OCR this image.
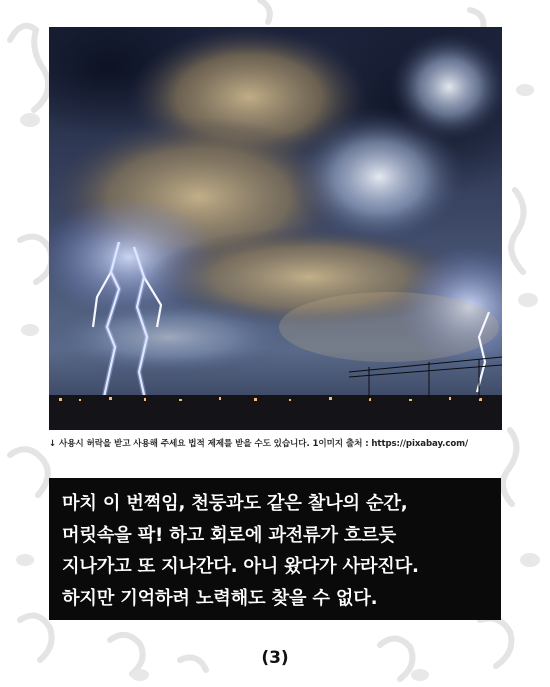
↓ 사용시 허락을 받고 사용해 주세요 법적 제제를 받을 수도 있습니다. 1이미지 출처 : https://pixabay.com/
마치 이 번쩍임, 천둥과도 같은 찰나의 순간,
머릿속을 팍! 하고 회로에 과전류가 흐르듯
지나가고 또 지나간다. 아니 왔다가 사라진다.
하지만 기억하려 노력해도 찾을 수 없다.
(3)
